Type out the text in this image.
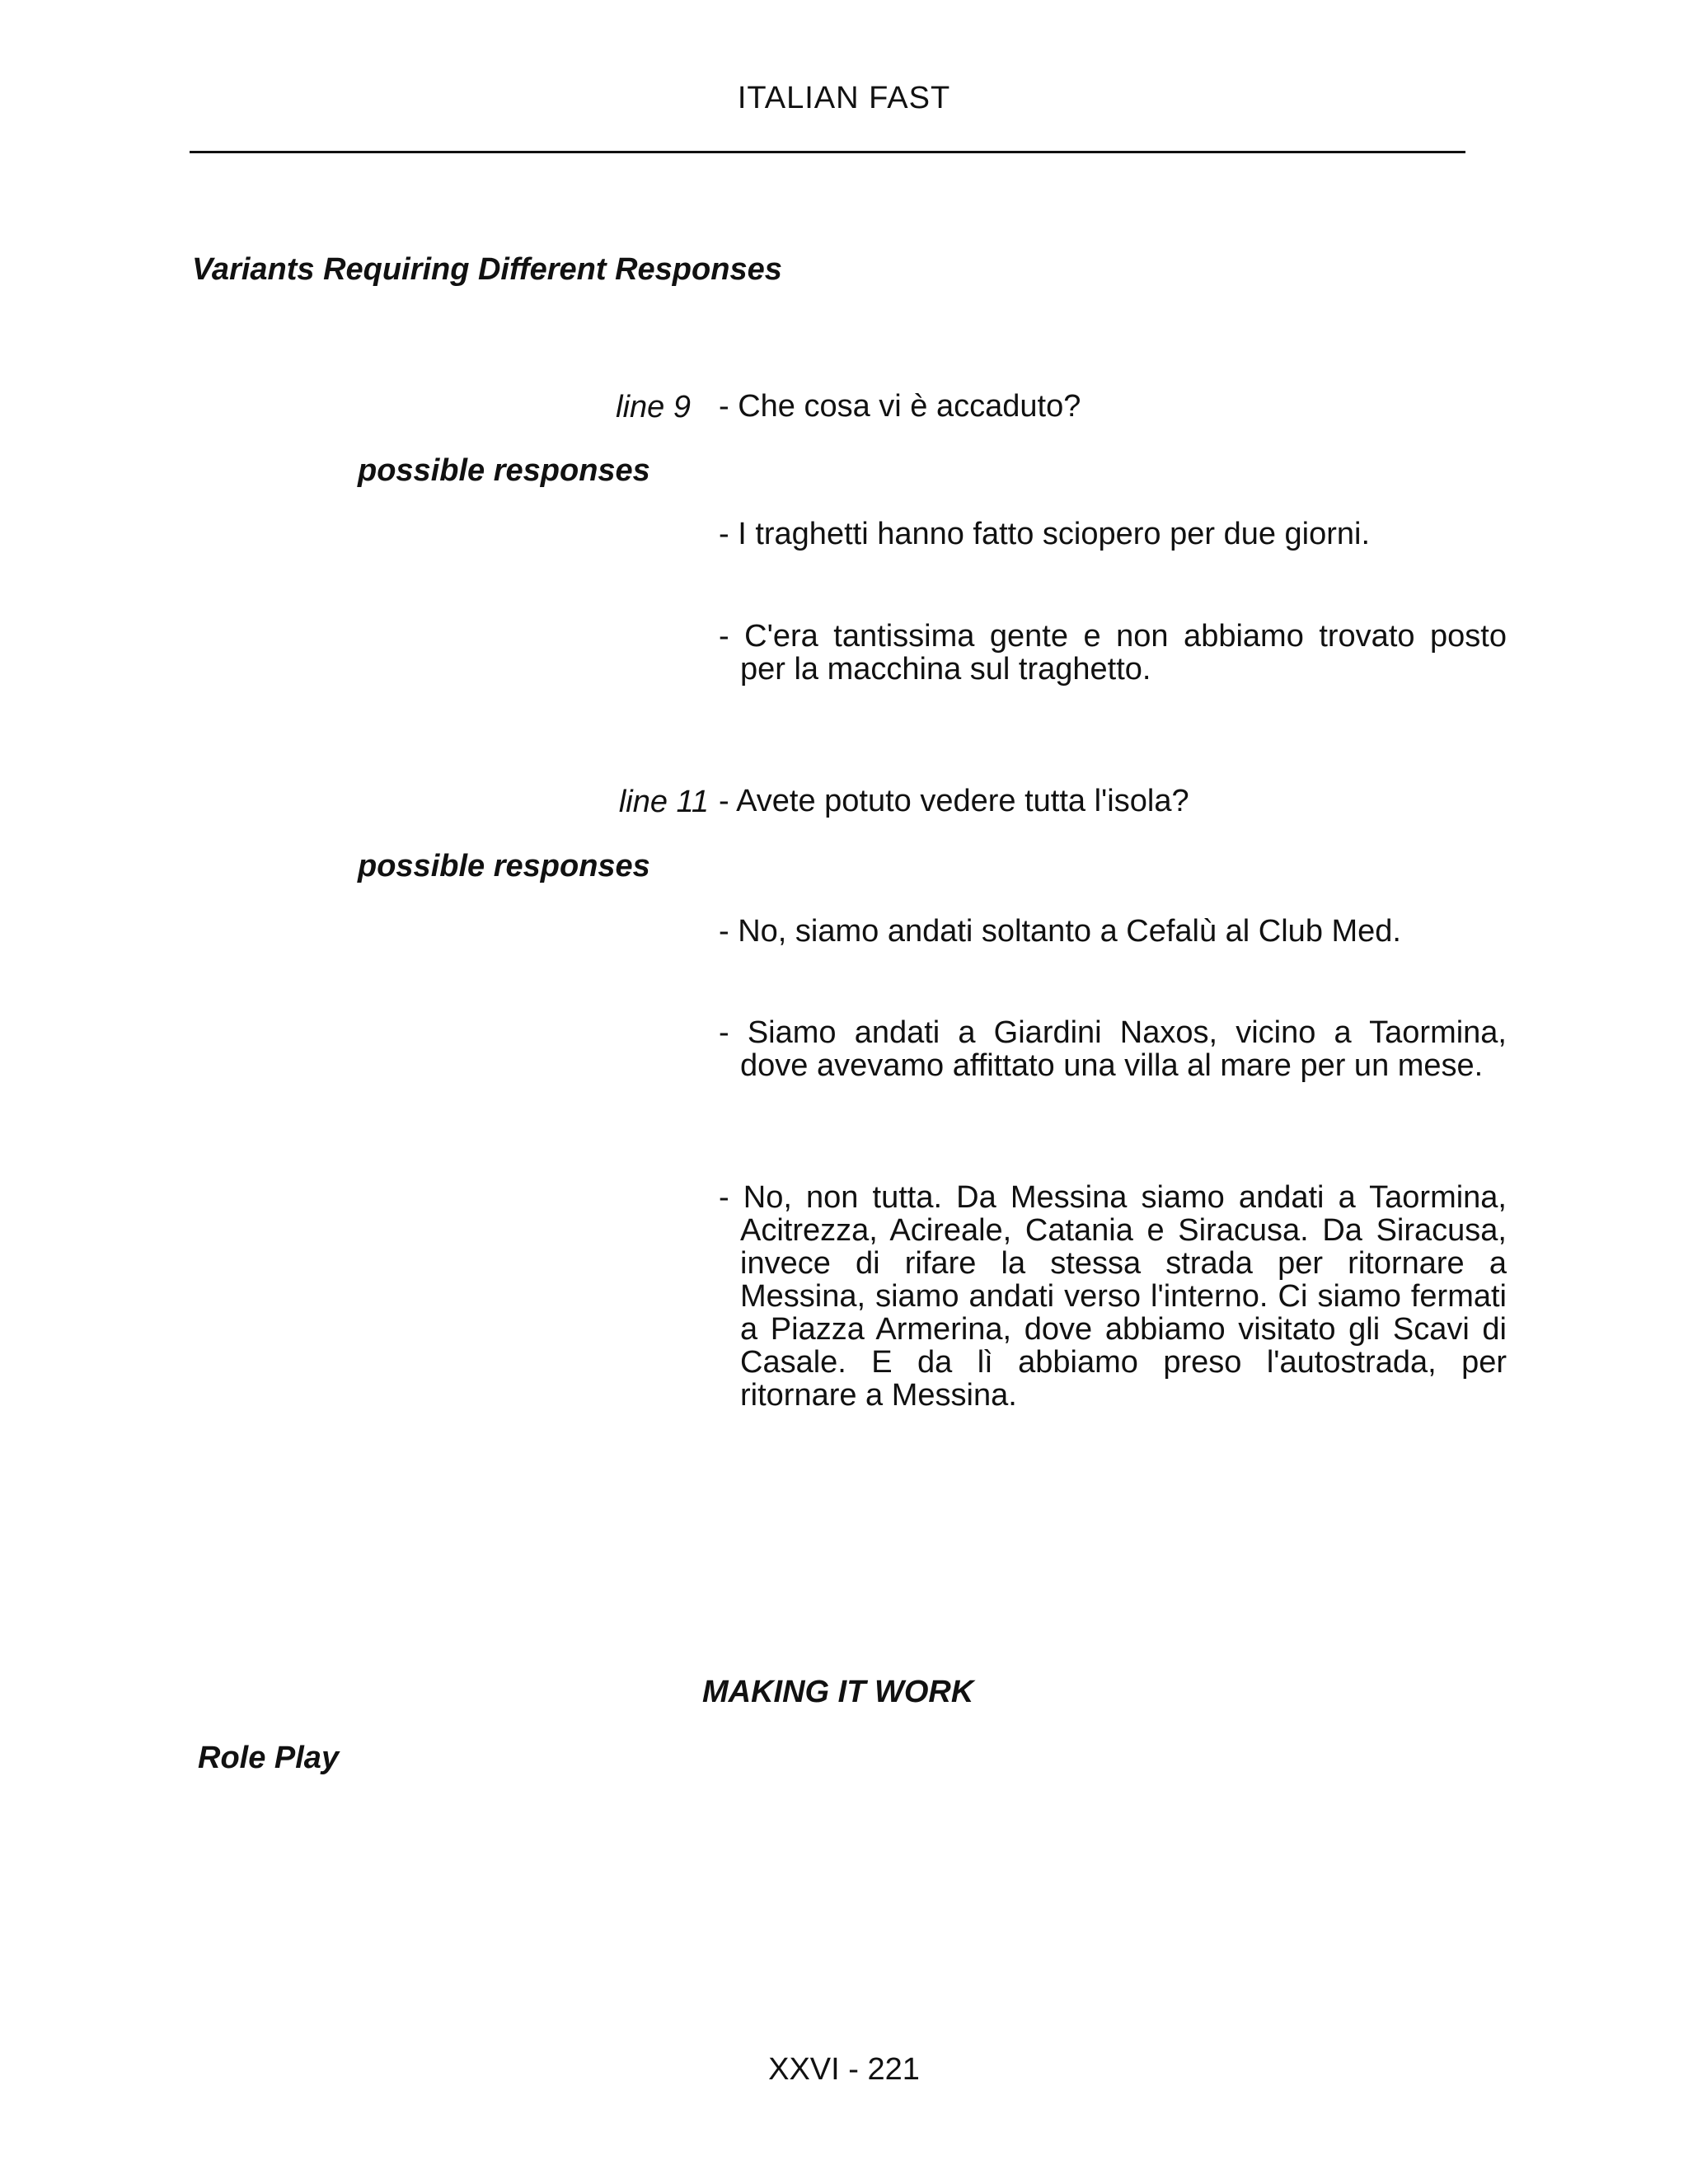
ITALIAN FAST
Variants Requiring Different Responses
line 9 - Che cosa vi è accaduto?
possible responses
- I traghetti hanno fatto sciopero per due giorni.
- C'era tantissima gente e non abbiamo trovato posto per la macchina sul traghetto.
line 11 - Avete potuto vedere tutta l'isola?
possible responses
- No, siamo andati soltanto a Cefalù al Club Med.
- Siamo andati a Giardini Naxos, vicino a Taormina, dove avevamo affittato una villa al mare per un mese.
- No, non tutta. Da Messina siamo andati a Taormina, Acitrezza, Acireale, Catania e Siracusa. Da Siracusa, invece di rifare la stessa strada per ritornare a Messina, siamo andati verso l'interno. Ci siamo fermati a Piazza Armerina, dove abbiamo visitato gli Scavi di Casale. E da lì abbiamo preso l'autostrada, per ritornare a Messina.
MAKING IT WORK
Role Play
XXVI - 221
